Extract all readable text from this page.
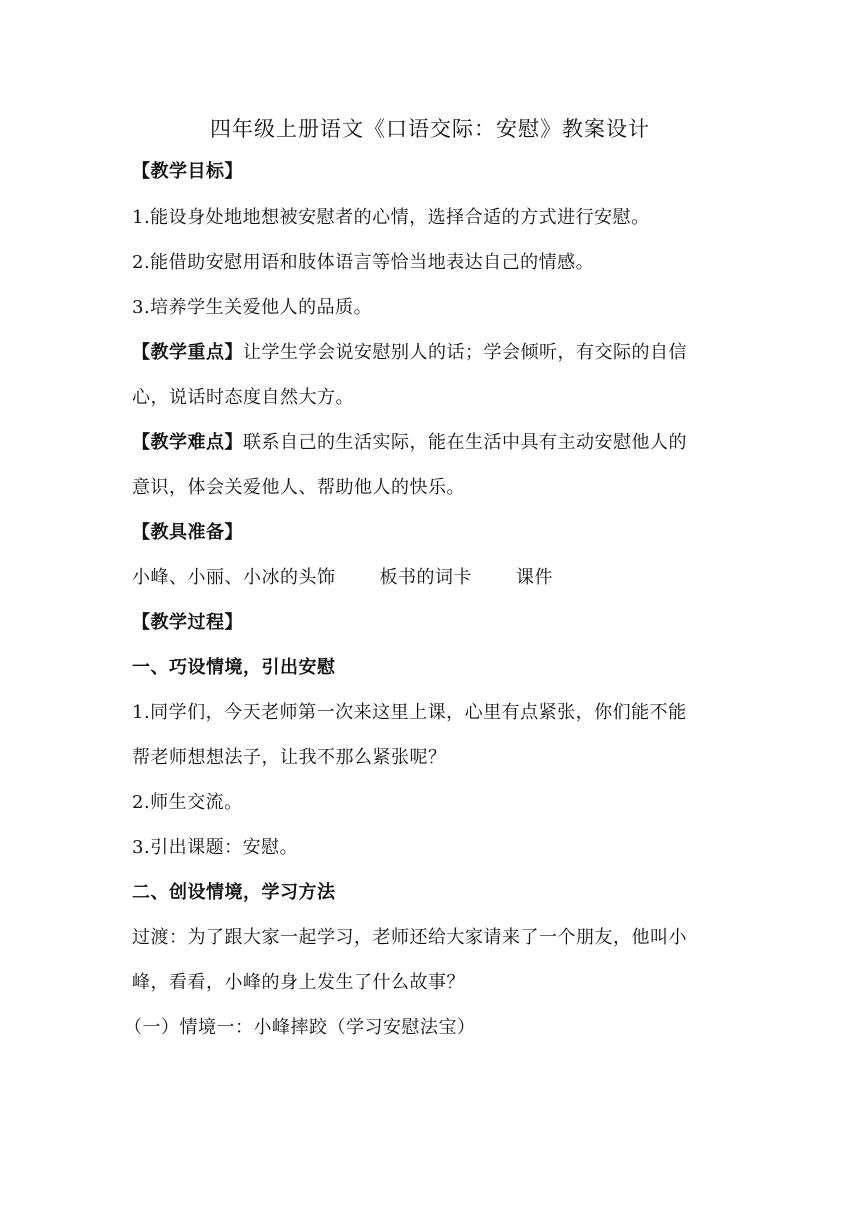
四年级上册语文《口语交际：安慰》教案设计
【教学目标】
1.能设身处地地想被安慰者的心情，选择合适的方式进行安慰。
2.能借助安慰用语和肢体语言等恰当地表达自己的情感。
3.培养学生关爱他人的品质。
【教学重点】让学生学会说安慰别人的话；学会倾听，有交际的自信
心，说话时态度自然大方。
【教学难点】联系自己的生活实际，能在生活中具有主动安慰他人的
意识，体会关爱他人、帮助他人的快乐。
【教具准备】
小峰、小丽、小冰的头饰 板书的词卡 课件
【教学过程】
一、巧设情境，引出安慰
1.同学们，今天老师第一次来这里上课，心里有点紧张，你们能不能
帮老师想想法子，让我不那么紧张呢？
2.师生交流。
3.引出课题：安慰。
二、创设情境，学习方法
过渡：为了跟大家一起学习，老师还给大家请来了一个朋友，他叫小
峰，看看，小峰的身上发生了什么故事？
（一）情境一：小峰摔跤（学习安慰法宝）
